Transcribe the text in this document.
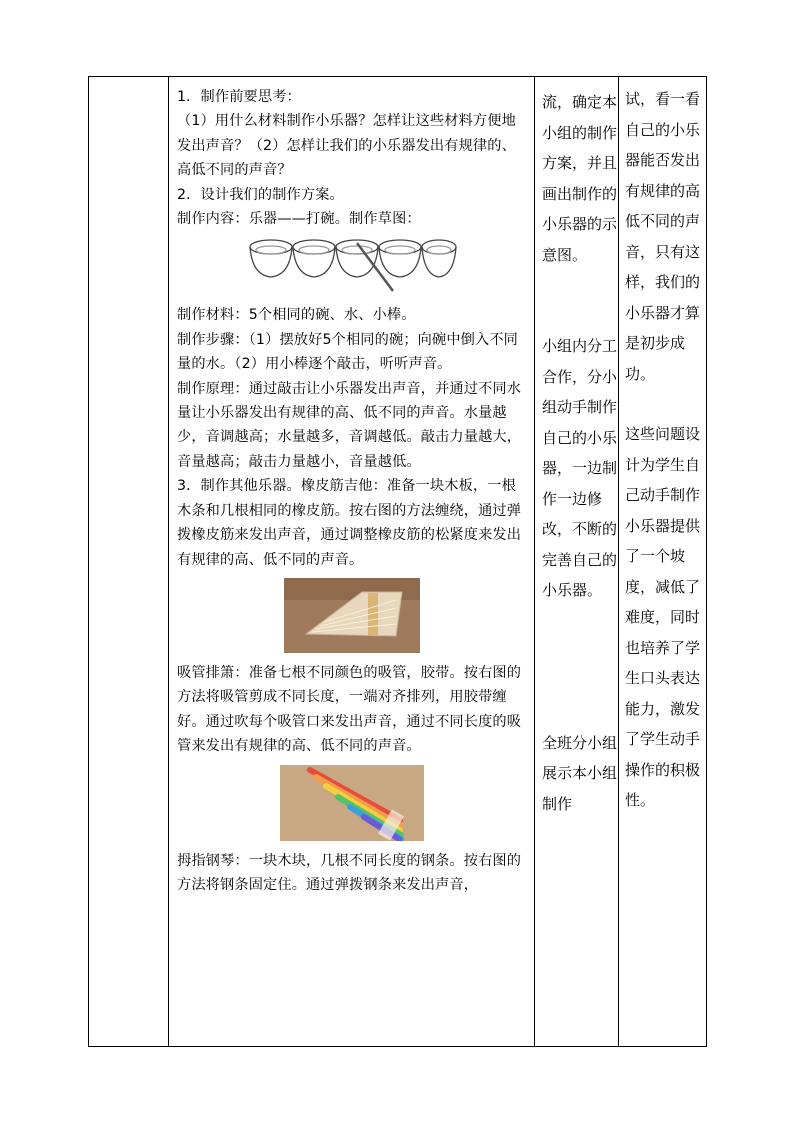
1．制作前要思考：

（1）用什么材料制作小乐器？怎样让这些材料方便地发出声音？（2）怎样让我们的小乐器发出有规律的、高低不同的声音？

2．设计我们的制作方案。

制作内容：乐器——打碗。制作草图：

制作材料：5个相同的碗、水、小棒。

制作步骤：（1）摆放好5个相同的碗；向碗中倒入不同量的水。（2）用小棒逐个敲击，听听声音。

制作原理：通过敲击让小乐器发出声音，并通过不同水量让小乐器发出有规律的高、低不同的声音。水量越少，音调越高；水量越多，音调越低。敲击力量越大，音量越高；敲击力量越小，音量越低。

3．制作其他乐器。橡皮筋吉他：准备一块木板，一根木条和几根相同的橡皮筋。按右图的方法缠绕，通过弹拨橡皮筋来发出声音，通过调整橡皮筋的松紧度来发出有规律的高、低不同的声音。

吸管排箫：准备七根不同颜色的吸管，胶带。按右图的方法将吸管剪成不同长度，一端对齐排列，用胶带缠好。通过吹每个吸管口来发出声音，通过不同长度的吸管来发出有规律的高、低不同的声音。

拇指钢琴：一块木块，几根不同长度的钢条。按右图的方法将钢条固定住。通过弹拨钢条来发出声音，

流，确定本小组的制作方案，并且画出制作的小乐器的示意图。

小组内分工合作，分小组动手制作自己的小乐器，一边制作一边修改，不断的完善自己的小乐器。

全班分小组展示本小组制作

试，看一看自己的小乐器能否发出有规律的高低不同的声音，只有这样，我们的小乐器才算是初步成功。

这些问题设计为学生自己动手制作小乐器提供了一个坡度，减低了难度，同时也培养了学生口头表达能力，激发了学生动手操作的积极性。
